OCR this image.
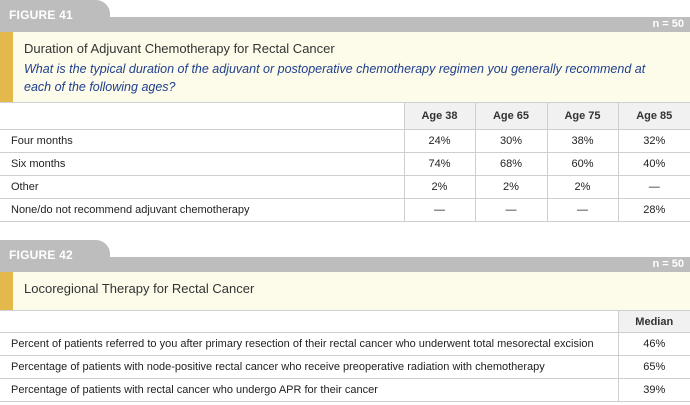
FIGURE 41
n = 50
Duration of Adjuvant Chemotherapy for Rectal Cancer
What is the typical duration of the adjuvant or postoperative chemotherapy regimen you generally recommend at each of the following ages?
	Age 38	Age 65	Age 75	Age 85
Four months	24%	30%	38%	32%
Six months	74%	68%	60%	40%
Other	2%	2%	2%	—
None/do not recommend adjuvant chemotherapy	—	—	—	28%
FIGURE 42
n = 50
Locoregional Therapy for Rectal Cancer
	Median
Percent of patients referred to you after primary resection of their rectal cancer who underwent total mesorectal excision	46%
Percentage of patients with node-positive rectal cancer who receive preoperative radiation with chemotherapy	65%
Percentage of patients with rectal cancer who undergo APR for their cancer	39%
